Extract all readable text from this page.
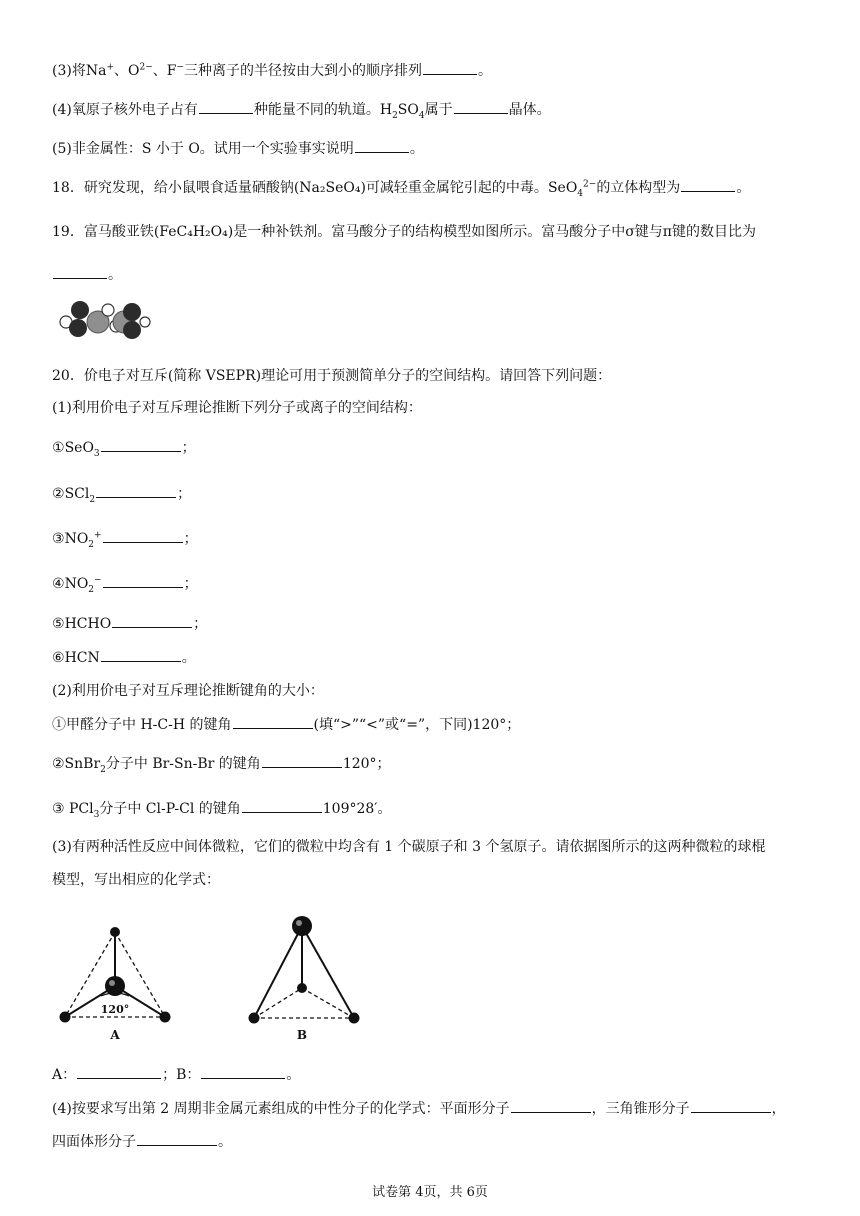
(3)将Na+、$O^{2-}$、F−三种离子的半径按由大到小的顺序排列	。
(4)氧原子核外电子占有	种能量不同的轨道。$H_2SO_4$属于	晶体。
(5)非金属性：S 小于 O。试用一个实验事实说明	。
18．研究发现，给小鼠喂食适量硒酸钠(Na₂SeO₄)可减轻重金属铊引起的中毒。SeO$_4^{2-}$的立体构型为	。
19．富马酸亚铁(FeC₄H₂O₄)是一种补铁剂。富马酸分子的结构模型如图所示。富马酸分子中σ键与π键的数目比为
。
20．价电子对互斥(简称 VSEPR)理论可用于预测简单分子的空间结构。请回答下列问题：
(1)利用价电子对互斥理论推断下列分子或离子的空间结构：
①SeO$_3$	；
②SCl$_2$	；
$③NO_2^+$	；
$④NO_2^-$	；
⑤HCHO	；
⑥HCN	。
(2)利用价电子对互斥理论推断键角的大小：
①甲醛分子中 H-C-H 的键角	(填“>”“<”或“=”，下同)120°；
②SnBr$_2$分子中 Br-Sn-Br 的键角	120°；
③ PCl$_3$分子中 Cl-P-Cl 的键角	109°28′。
(3)有两种活性反应中间体微粒，它们的微粒中均含有 1 个碳原子和 3 个氢原子。请依据图所示的这两种微粒的球棍
模型，写出相应的化学式：
120°
A	B
A：	；B：	。
(4)按要求写出第 2 周期非金属元素组成的中性分子的化学式：平面形分子	，三角锥形分子	，
四面体形分子	。
试卷第 4页，共 6页
